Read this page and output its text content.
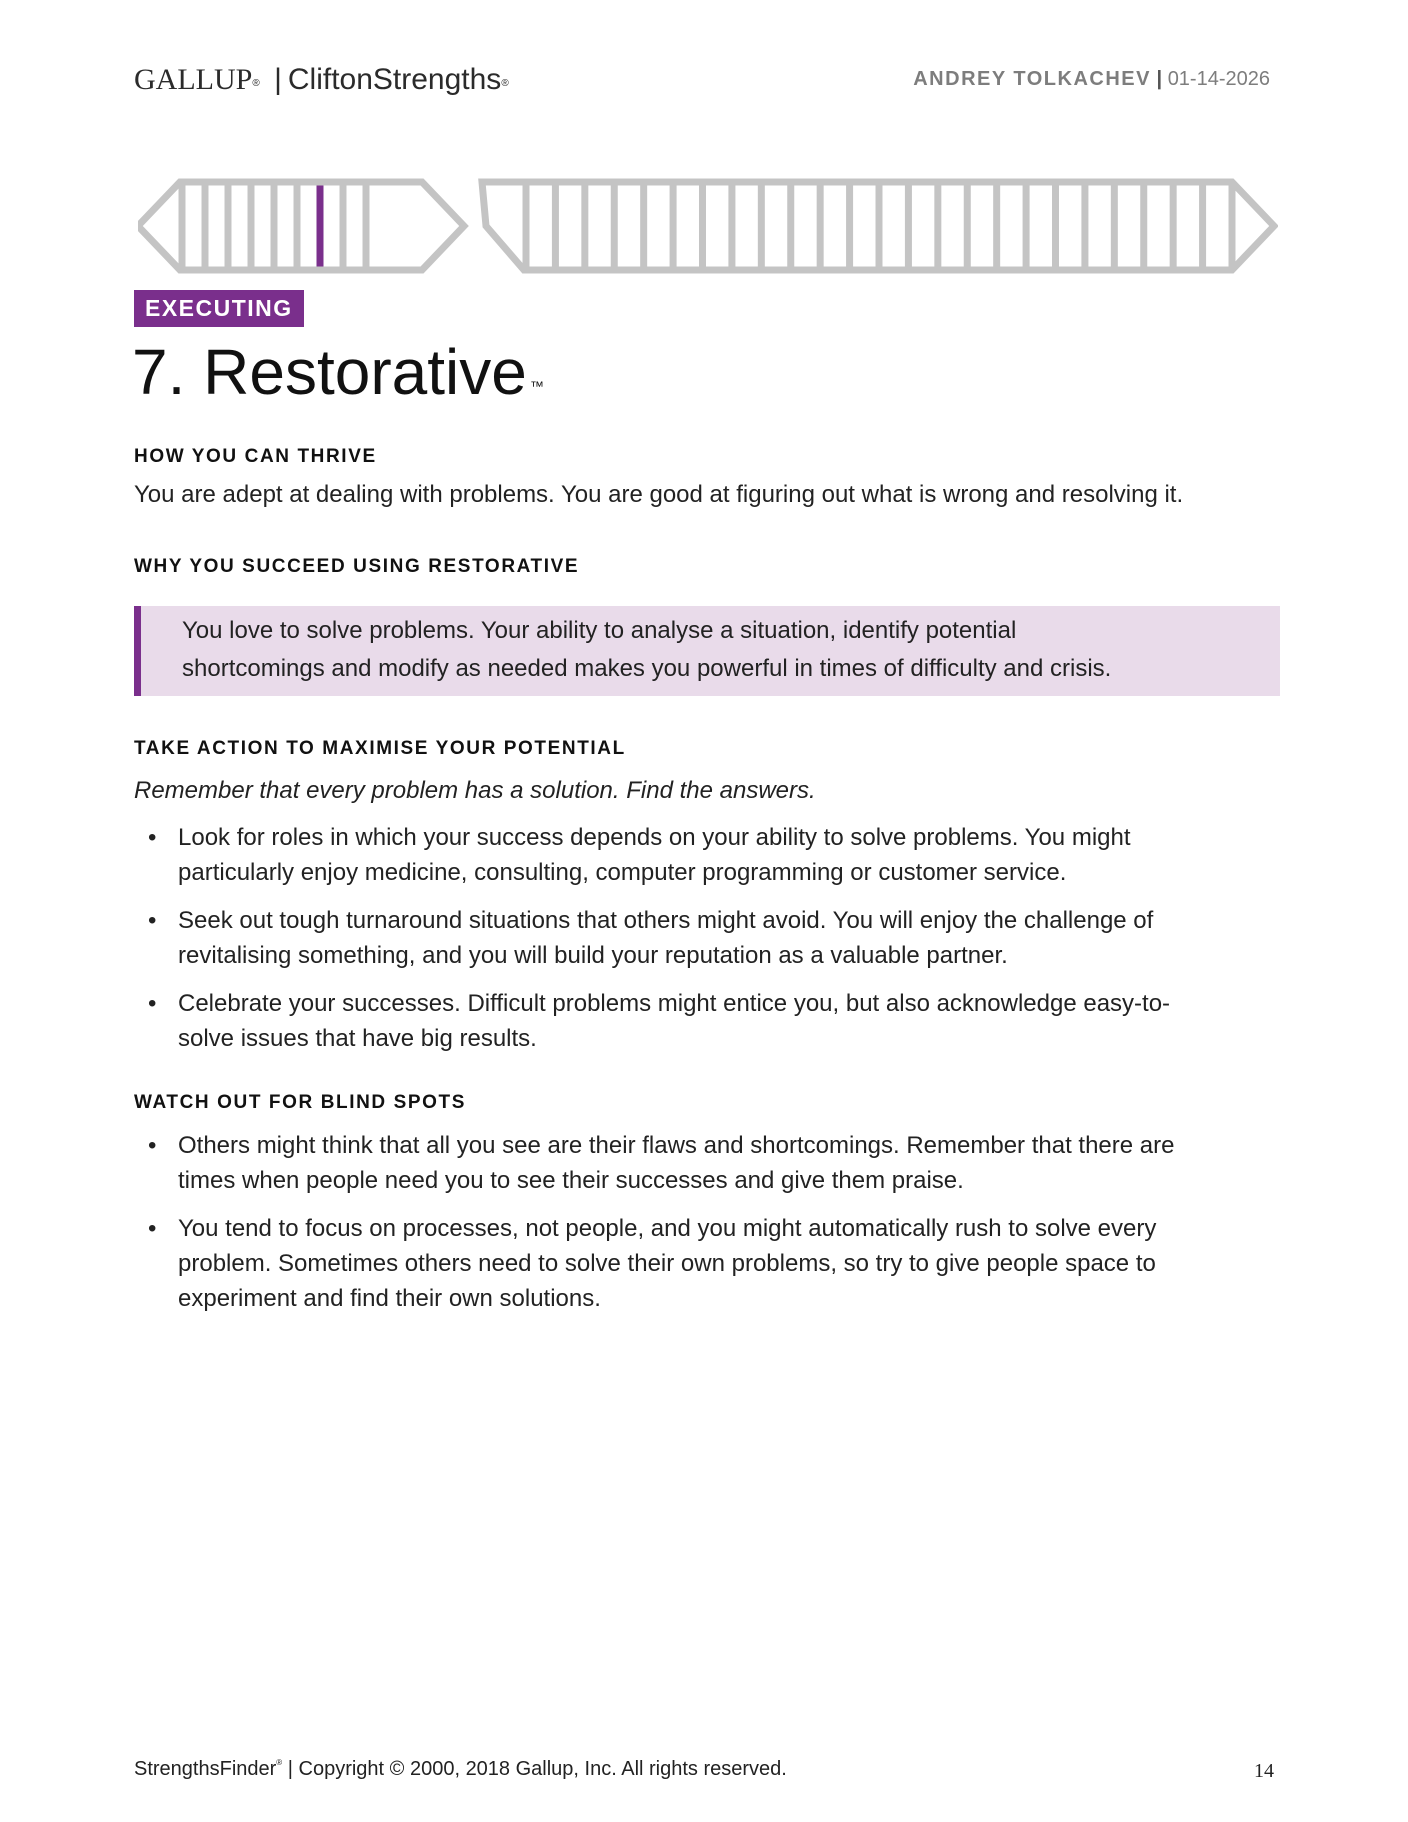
GALLUP® | CliftonStrengths®	ANDREY TOLKACHEV | 01-14-2026
EXECUTING
7. Restorative ™
HOW YOU CAN THRIVE
You are adept at dealing with problems. You are good at figuring out what is wrong and resolving it.
WHY YOU SUCCEED USING RESTORATIVE
You love to solve problems. Your ability to analyse a situation, identify potential
shortcomings and modify as needed makes you powerful in times of difficulty and crisis.
TAKE ACTION TO MAXIMISE YOUR POTENTIAL
Remember that every problem has a solution. Find the answers.
• Look for roles in which your success depends on your ability to solve problems. You might particularly enjoy medicine, consulting, computer programming or customer service.
• Seek out tough turnaround situations that others might avoid. You will enjoy the challenge of revitalising something, and you will build your reputation as a valuable partner.
• Celebrate your successes. Difficult problems might entice you, but also acknowledge easy-to-solve issues that have big results.
WATCH OUT FOR BLIND SPOTS
• Others might think that all you see are their flaws and shortcomings. Remember that there are times when people need you to see their successes and give them praise.
• You tend to focus on processes, not people, and you might automatically rush to solve every problem. Sometimes others need to solve their own problems, so try to give people space to experiment and find their own solutions.
StrengthsFinder® | Copyright © 2000, 2018 Gallup, Inc. All rights reserved.	14
